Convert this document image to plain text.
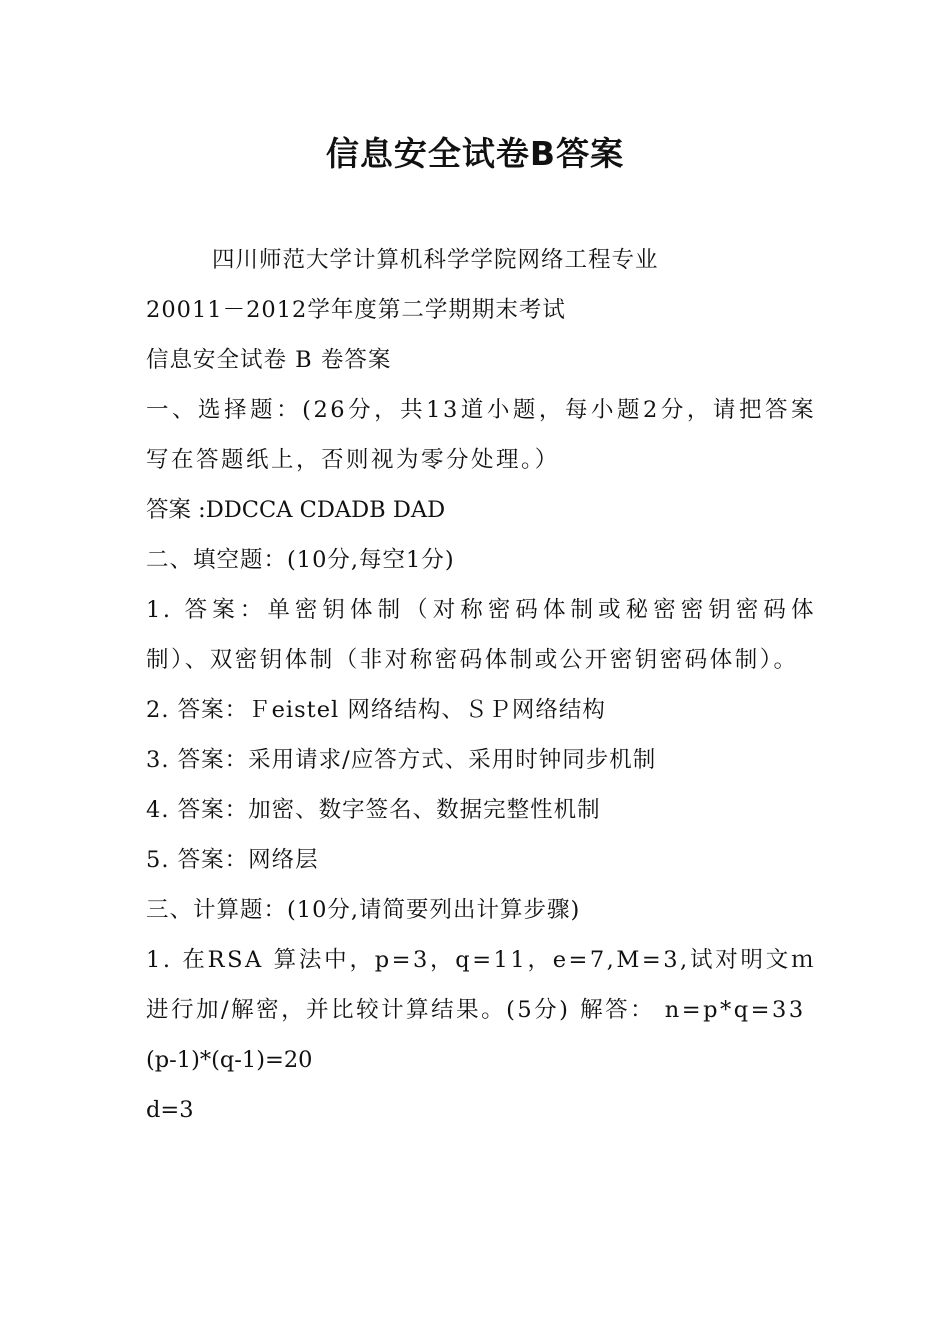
信息安全试卷B答案
四川师范大学计算机科学学院网络工程专业
20011－2012学年度第二学期期末考试
信息安全试卷 B 卷答案
一、选择题：(26分，共13道小题，每小题2分，请把答案写在答题纸上，否则视为零分处理。）
答案 :DDCCA CDADB DAD
二、填空题：(10分,每空1分)
1. 答案：单密钥体制（对称密码体制或秘密密钥密码体制）、双密钥体制（非对称密码体制或公开密钥密码体制）。
2. 答案：Ｆeistel 网络结构、ＳＰ网络结构
3. 答案：采用请求/应答方式、采用时钟同步机制
4. 答案：加密、数字签名、数据完整性机制
5. 答案：网络层
三、计算题：(10分,请简要列出计算步骤)
1. 在RSA 算法中，p=3，q=11，e=7,M=3,试对明文ｍ 进行加/解密，并比较计算结果。(5分) 解答： n=p*q=33
(p-1)*(q-1)=20
d=3
